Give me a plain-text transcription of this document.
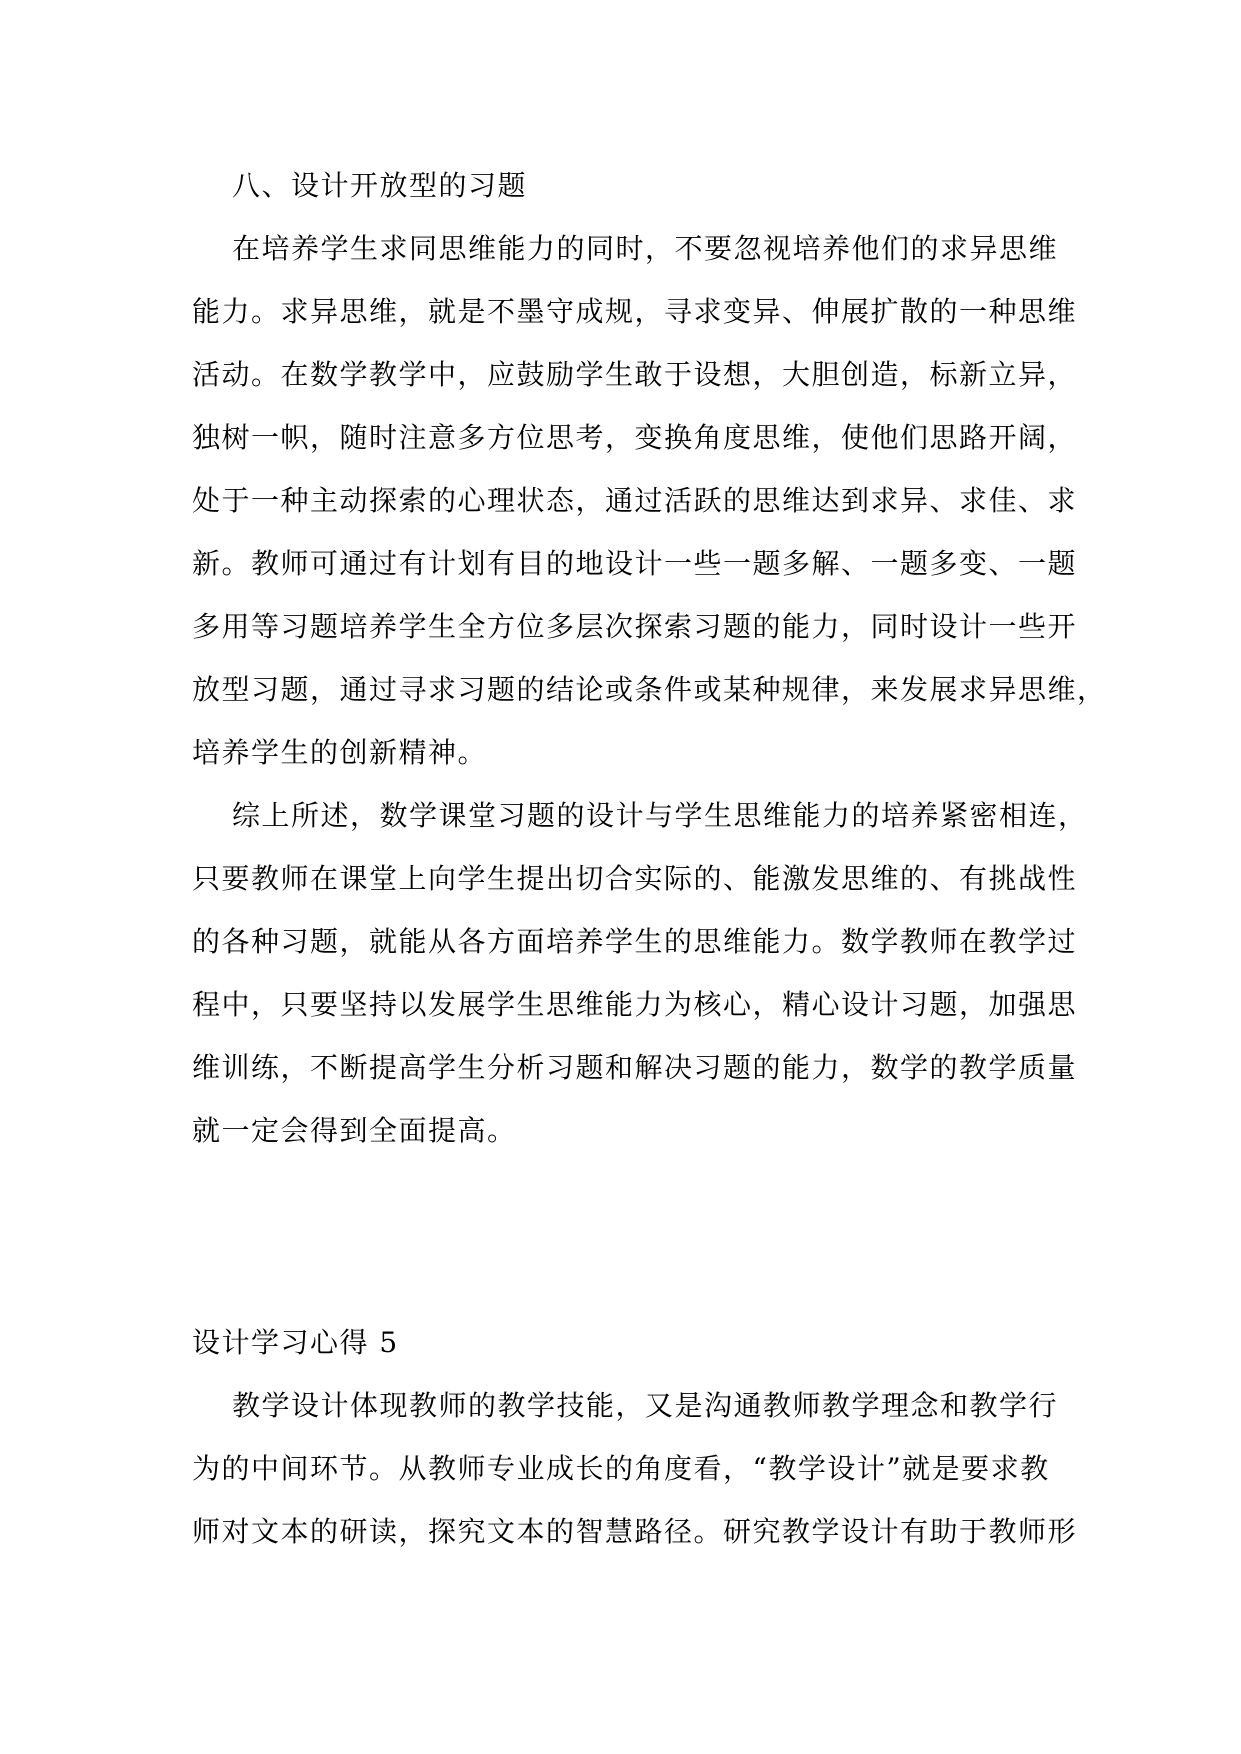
八、设计开放型的习题
在培养学生求同思维能力的同时，不要忽视培养他们的求异思维
能力。求异思维，就是不墨守成规，寻求变异、伸展扩散的一种思维
活动。在数学教学中，应鼓励学生敢于设想，大胆创造，标新立异，
独树一帜，随时注意多方位思考，变换角度思维，使他们思路开阔，
处于一种主动探索的心理状态，通过活跃的思维达到求异、求佳、求
新。教师可通过有计划有目的地设计一些一题多解、一题多变、一题
多用等习题培养学生全方位多层次探索习题的能力，同时设计一些开
放型习题，通过寻求习题的结论或条件或某种规律，来发展求异思维，
培养学生的创新精神。
综上所述，数学课堂习题的设计与学生思维能力的培养紧密相连，
只要教师在课堂上向学生提出切合实际的、能激发思维的、有挑战性
的各种习题，就能从各方面培养学生的思维能力。数学教师在教学过
程中，只要坚持以发展学生思维能力为核心，精心设计习题，加强思
维训练，不断提高学生分析习题和解决习题的能力，数学的教学质量
就一定会得到全面提高。
设计学习心得 5
教学设计体现教师的教学技能，又是沟通教师教学理念和教学行
为的中间环节。从教师专业成长的角度看，“教学设计”就是要求教
师对文本的研读，探究文本的智慧路径。研究教学设计有助于教师形
